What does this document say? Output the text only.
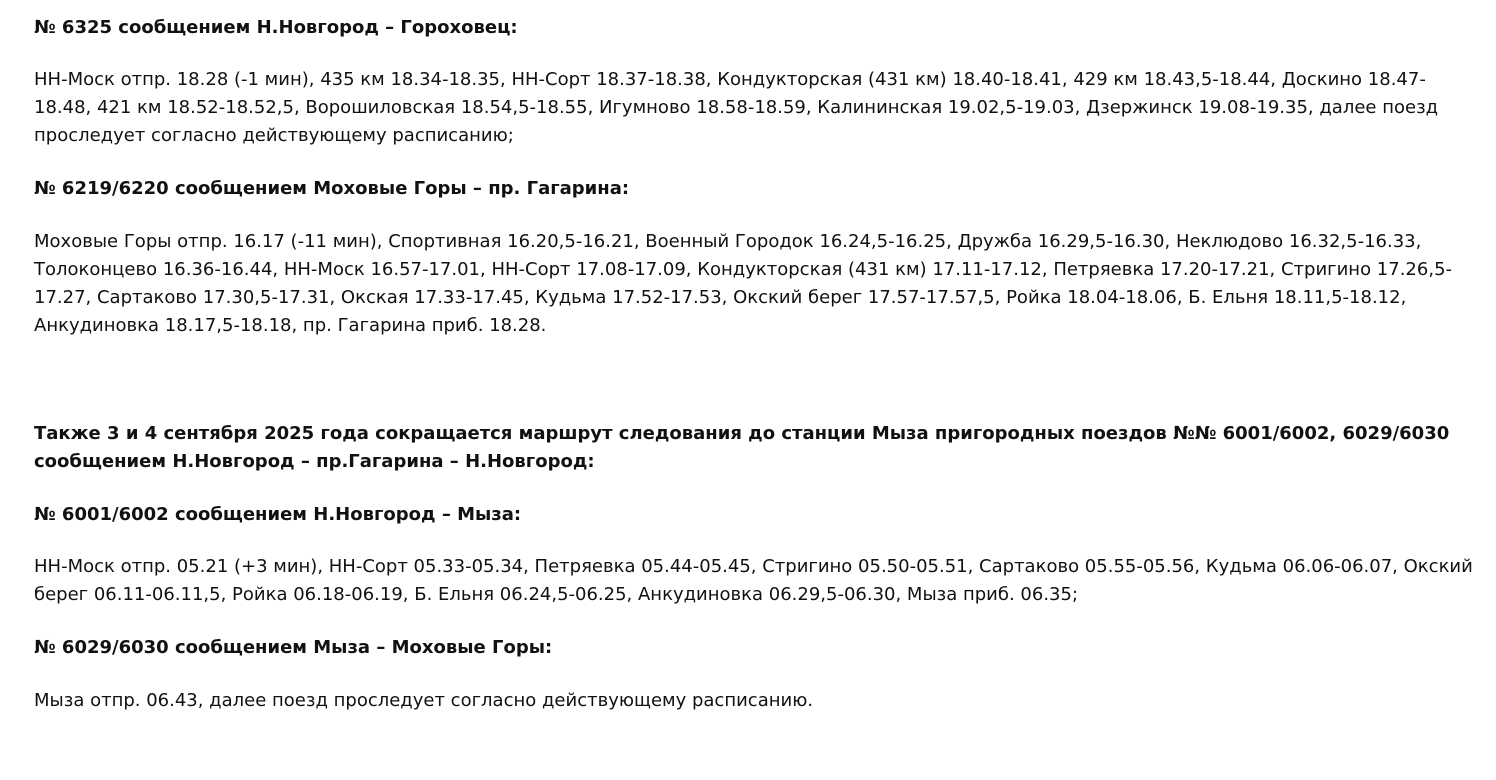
№ 6325 сообщением Н.Новгород – Гороховец:

НН-Моск отпр. 18.28 (-1 мин), 435 км 18.34-18.35, НН-Сорт 18.37-18.38, Кондукторская (431 км) 18.40-18.41, 429 км 18.43,5-18.44, Доскино 18.47-18.48, 421 км 18.52-18.52,5, Ворошиловская 18.54,5-18.55, Игумново 18.58-18.59, Калининская 19.02,5-19.03, Дзержинск 19.08-19.35, далее поезд проследует согласно действующему расписанию;

№ 6219/6220 сообщением Моховые Горы – пр. Гагарина:

Моховые Горы отпр. 16.17 (-11 мин), Спортивная 16.20,5-16.21, Военный Городок 16.24,5-16.25, Дружба 16.29,5-16.30, Неклюдово 16.32,5-16.33, Толоконцево 16.36-16.44, НН-Моск 16.57-17.01, НН-Сорт 17.08-17.09, Кондукторская (431 км) 17.11-17.12, Петряевка 17.20-17.21, Стригино 17.26,5-17.27, Сартаково 17.30,5-17.31, Окская 17.33-17.45, Кудьма 17.52-17.53, Окский берег 17.57-17.57,5, Ройка 18.04-18.06, Б. Ельня 18.11,5-18.12, Анкудиновка 18.17,5-18.18, пр. Гагарина приб. 18.28.

Также 3 и 4 сентября 2025 года сокращается маршрут следования до станции Мыза пригородных поездов №№ 6001/6002, 6029/6030 сообщением Н.Новгород – пр.Гагарина – Н.Новгород:

№ 6001/6002 сообщением Н.Новгород – Мыза:

НН-Моск отпр. 05.21 (+3 мин), НН-Сорт 05.33-05.34, Петряевка 05.44-05.45, Стригино 05.50-05.51, Сартаково 05.55-05.56, Кудьма 06.06-06.07, Окский берег 06.11-06.11,5, Ройка 06.18-06.19, Б. Ельня 06.24,5-06.25, Анкудиновка 06.29,5-06.30, Мыза приб. 06.35;

№ 6029/6030 сообщением Мыза – Моховые Горы:

Мыза отпр. 06.43, далее поезд проследует согласно действующему расписанию.
